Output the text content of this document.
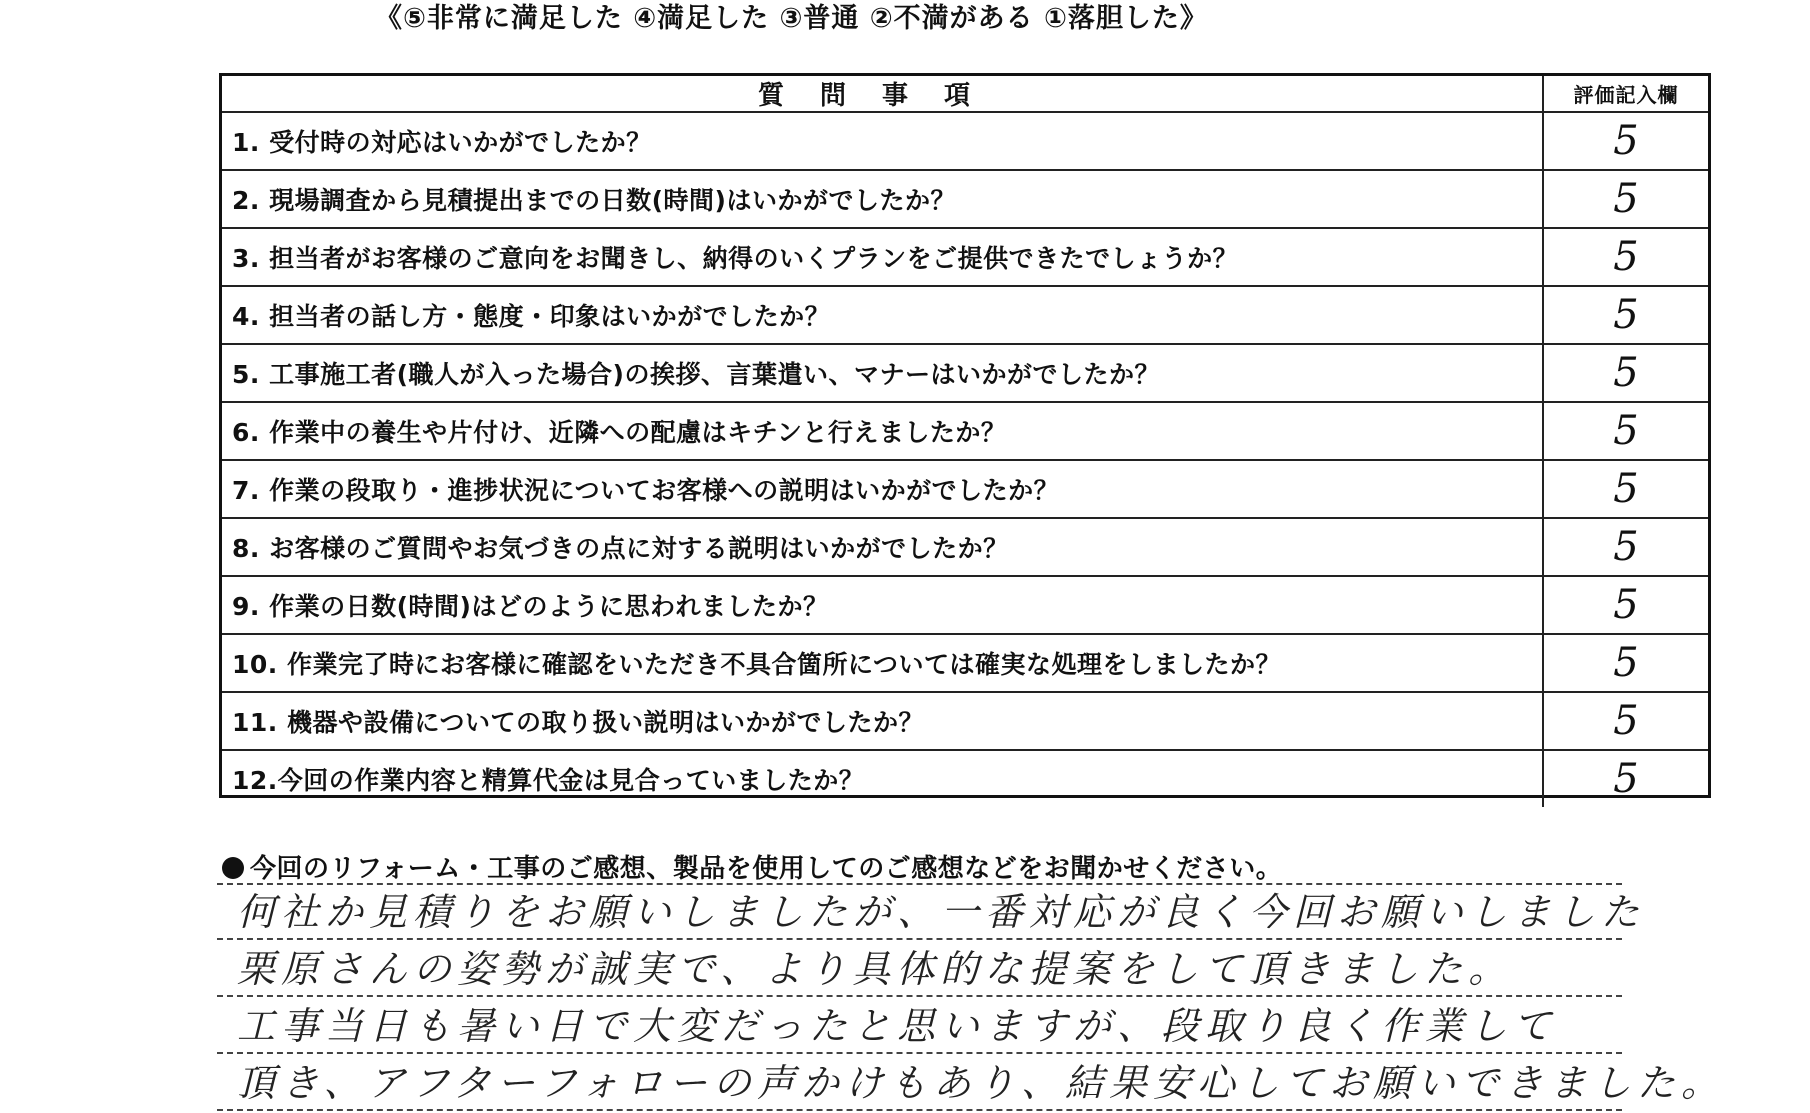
《⑤非常に満足した ④満足した ③普通 ②不満がある ①落胆した》
質問事項	評価記入欄
1. 受付時の対応はいかがでしたか？	5
2. 現場調査から見積提出までの日数(時間)はいかがでしたか？	5
3. 担当者がお客様のご意向をお聞きし、納得のいくプランをご提供できたでしょうか？	5
4. 担当者の話し方・態度・印象はいかがでしたか？	5
5. 工事施工者(職人が入った場合)の挨拶、言葉遣い、マナーはいかがでしたか？	5
6. 作業中の養生や片付け、近隣への配慮はキチンと行えましたか？	5
7. 作業の段取り・進捗状況についてお客様への説明はいかがでしたか？	5
8. お客様のご質問やお気づきの点に対する説明はいかがでしたか？	5
9. 作業の日数(時間)はどのように思われましたか？	5
10. 作業完了時にお客様に確認をいただき不具合箇所については確実な処理をしましたか？	5
11. 機器や設備についての取り扱い説明はいかがでしたか？	5
12.今回の作業内容と精算代金は見合っていましたか？	5
今回のリフォーム・工事のご感想、製品を使用してのご感想などをお聞かせください。
何社か見積りをお願いしましたが、一番対応が良く今回お願いしました
栗原さんの姿勢が誠実で、より具体的な提案をして頂きました。
工事当日も暑い日で大変だったと思いますが、段取り良く作業して
頂き、アフターフォローの声かけもあり、結果安心してお願いできました。
